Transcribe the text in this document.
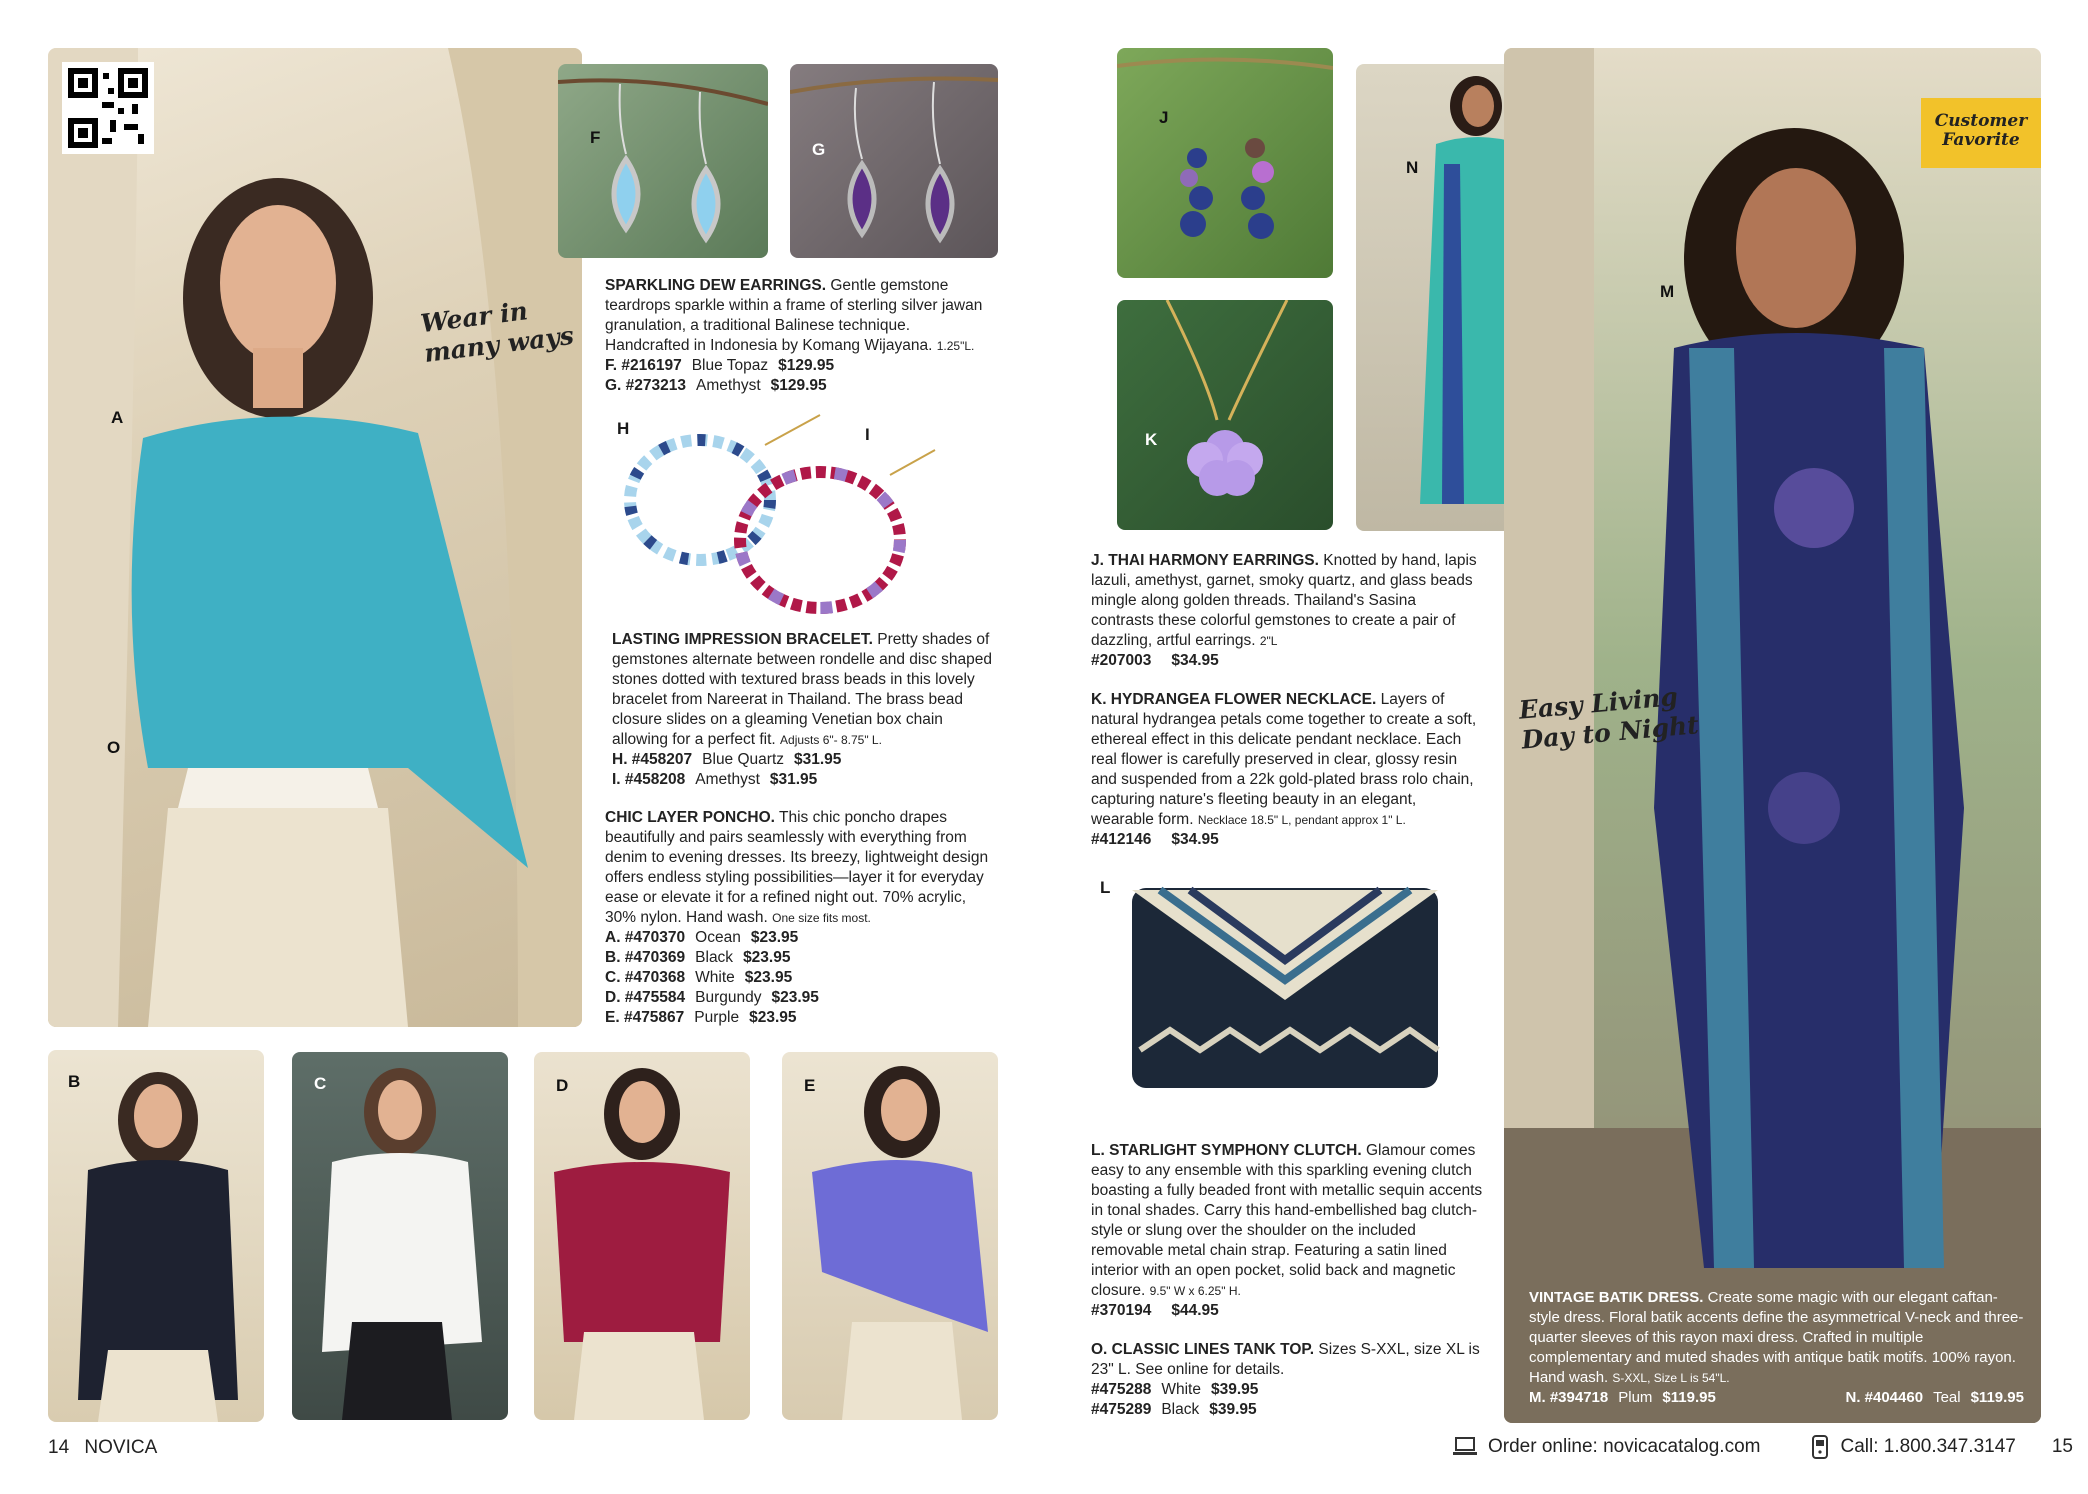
A
O
Wear in
many ways
F
G
SPARKLING DEW EARRINGS. Gentle gemstone teardrops sparkle within a frame of sterling silver jawan granulation, a traditional Balinese technique. Handcrafted in Indonesia by Komang Wijayana. 1.25"L.
F. #216197 Blue Topaz $129.95
G. #273213 Amethyst $129.95
H	I
LASTING IMPRESSION BRACELET. Pretty shades of gemstones alternate between rondelle and disc shaped stones dotted with textured brass beads in this lovely bracelet from Nareerat in Thailand. The brass bead closure slides on a gleaming Venetian box chain allowing for a perfect fit. Adjusts 6"- 8.75" L.
H. #458207 Blue Quartz $31.95
I. #458208 Amethyst $31.95
CHIC LAYER PONCHO. This chic poncho drapes beautifully and pairs seamlessly with everything from denim to evening dresses. Its breezy, lightweight design offers endless styling possibilities—layer it for everyday ease or elevate it for a refined night out. 70% acrylic, 30% nylon. Hand wash. One size fits most.
A. #470370 Ocean $23.95
B. #470369 Black $23.95
C. #470368 White $23.95
D. #475584 Burgundy $23.95
E. #475867 Purple $23.95
B	C	D	E
14 NOVICA
J
K
N
Customer
Favorite
M
Easy Living
Day to Night
VINTAGE BATIK DRESS. Create some magic with our elegant caftan-style dress. Floral batik accents define the asymmetrical V-neck and three-quarter sleeves of this rayon maxi dress. Crafted in multiple complementary and muted shades with antique batik motifs. 100% rayon. Hand wash. S-XXL, Size L is 54"L.
M. #394718 Plum $119.95	N. #404460 Teal $119.95
J. THAI HARMONY EARRINGS. Knotted by hand, lapis lazuli, amethyst, garnet, smoky quartz, and glass beads mingle along golden threads. Thailand's Sasina contrasts these colorful gemstones to create a pair of dazzling, artful earrings. 2"L
#207003 $34.95
K. HYDRANGEA FLOWER NECKLACE. Layers of natural hydrangea petals come together to create a soft, ethereal effect in this delicate pendant necklace. Each real flower is carefully preserved in clear, glossy resin and suspended from a 22k gold-plated brass rolo chain, capturing nature's fleeting beauty in an elegant, wearable form. Necklace 18.5" L, pendant approx 1" L.
#412146 $34.95
L
L. STARLIGHT SYMPHONY CLUTCH. Glamour comes easy to any ensemble with this sparkling evening clutch boasting a fully beaded front with metallic sequin accents in tonal shades. Carry this hand-embellished bag clutch-style or slung over the shoulder on the included removable metal chain strap. Featuring a satin lined interior with an open pocket, solid back and magnetic closure. 9.5" W x 6.25" H.
#370194 $44.95
O. CLASSIC LINES TANK TOP. Sizes S-XXL, size XL is 23" L. See online for details.
#475288 White $39.95
#475289 Black $39.95
Order online: novicacatalog.com	Call: 1.800.347.3147 15
